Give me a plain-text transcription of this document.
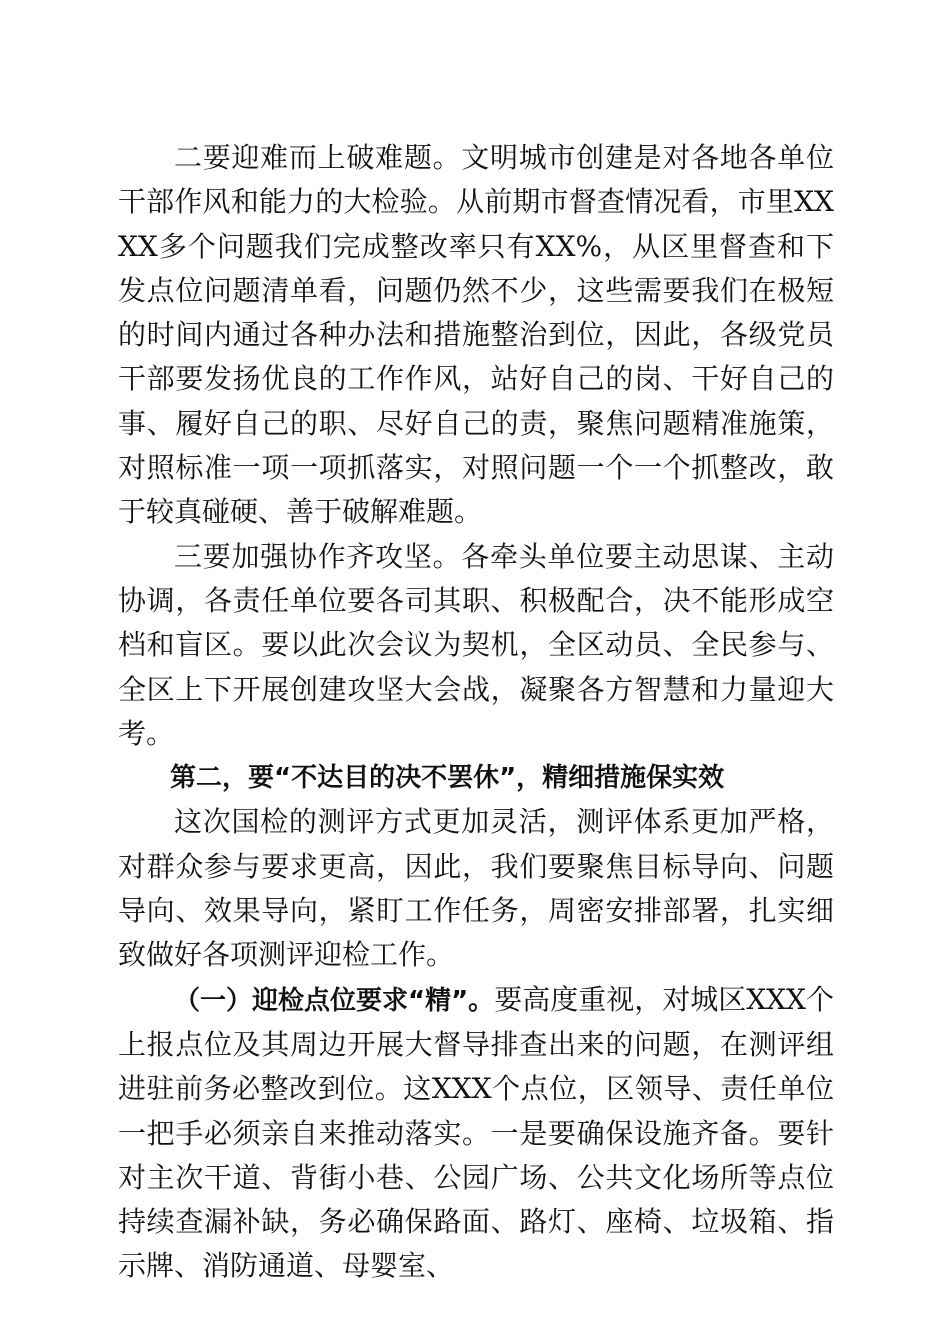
二要迎难而上破难题。文明城市创建是对各地各单位干部作风和能力的大检验。从前期市督查情况看，市里XXXX多个问题我们完成整改率只有XX%，从区里督查和下发点位问题清单看，问题仍然不少，这些需要我们在极短的时间内通过各种办法和措施整治到位，因此，各级党员干部要发扬优良的工作作风，站好自己的岗、干好自己的事、履好自己的职、尽好自己的责，聚焦问题精准施策，对照标准一项一项抓落实，对照问题一个一个抓整改，敢于较真碰硬、善于破解难题。

三要加强协作齐攻坚。各牵头单位要主动思谋、主动协调，各责任单位要各司其职、积极配合，决不能形成空档和盲区。要以此次会议为契机，全区动员、全民参与、全区上下开展创建攻坚大会战，凝聚各方智慧和力量迎大考。

第二，要“不达目的决不罢休”，精细措施保实效

这次国检的测评方式更加灵活，测评体系更加严格，对群众参与要求更高，因此，我们要聚焦目标导向、问题导向、效果导向，紧盯工作任务，周密安排部署，扎实细致做好各项测评迎检工作。

（一）迎检点位要求“精”。要高度重视，对城区XXX个上报点位及其周边开展大督导排查出来的问题，在测评组进驻前务必整改到位。这XXX个点位，区领导、责任单位一把手必须亲自来推动落实。一是要确保设施齐备。要针对主次干道、背街小巷、公园广场、公共文化场所等点位持续查漏补缺，务必确保路面、路灯、座椅、垃圾箱、指示牌、消防通道、母婴室、
